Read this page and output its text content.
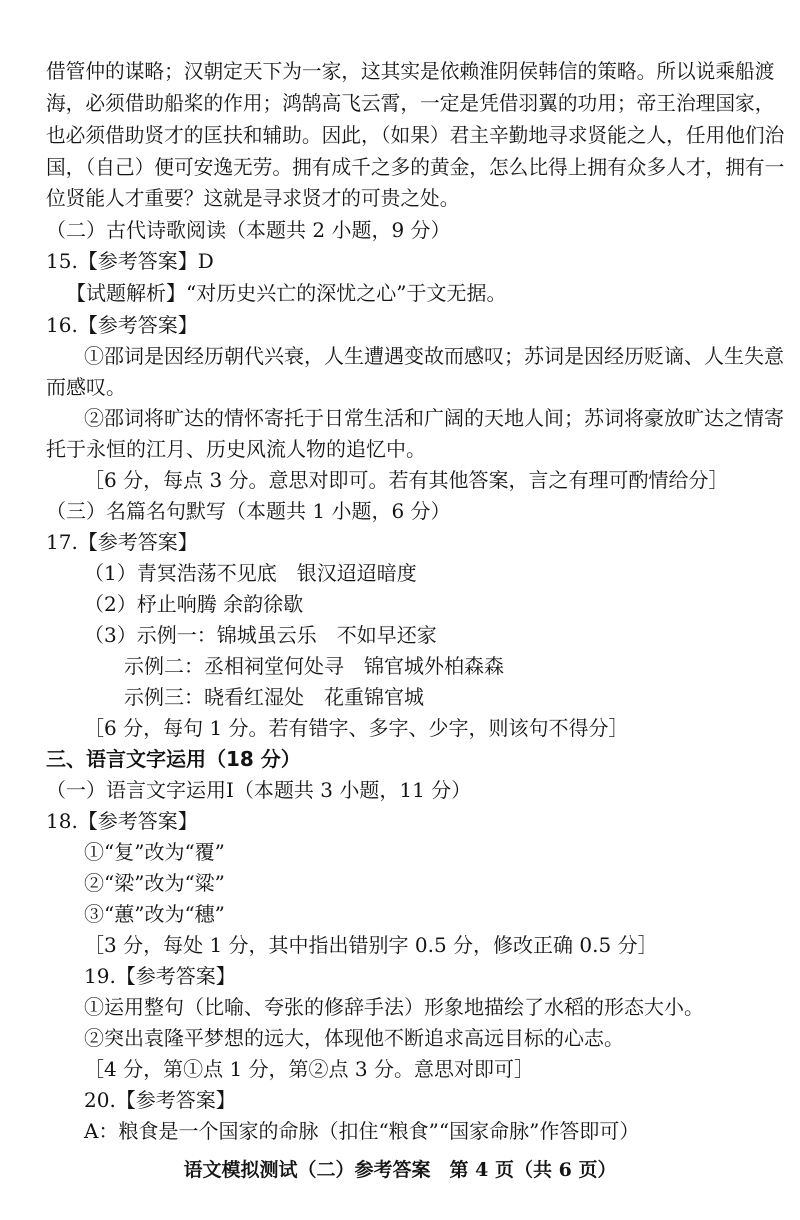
借管仲的谋略；汉朝定天下为一家，这其实是依赖淮阴侯韩信的策略。所以说乘船渡
海，必须借助船桨的作用；鸿鹄高飞云霄，一定是凭借羽翼的功用；帝王治理国家，
也必须借助贤才的匡扶和辅助。因此，（如果）君主辛勤地寻求贤能之人，任用他们治
国，（自己）便可安逸无劳。拥有成千之多的黄金，怎么比得上拥有众多人才，拥有一
位贤能人才重要？这就是寻求贤才的可贵之处。
（二）古代诗歌阅读（本题共 2 小题，9 分）
15.【参考答案】D
【试题解析】“对历史兴亡的深忧之心”于文无据。
16.【参考答案】
①邵词是因经历朝代兴衰，人生遭遇变故而感叹；苏词是因经历贬谪、人生失意
而感叹。
②邵词将旷达的情怀寄托于日常生活和广阔的天地人间；苏词将豪放旷达之情寄
托于永恒的江月、历史风流人物的追忆中。
［6 分，每点 3 分。意思对即可。若有其他答案，言之有理可酌情给分］
（三）名篇名句默写（本题共 1 小题，6 分）
17.【参考答案】
（1）青冥浩荡不见底　银汉迢迢暗度
（2）杼止响腾 余韵徐歇
（3）示例一：锦城虽云乐　不如早还家
示例二：丞相祠堂何处寻　锦官城外柏森森
示例三：晓看红湿处　花重锦官城
［6 分，每句 1 分。若有错字、多字、少字，则该句不得分］
三、语言文字运用（18 分）
（一）语言文字运用Ⅰ（本题共 3 小题，11 分）
18.【参考答案】
①“复”改为“覆”
②“梁”改为“粱”
③“蕙”改为“穗”
［3 分，每处 1 分，其中指出错别字 0.5 分，修改正确 0.5 分］
19.【参考答案】
①运用整句（比喻、夸张的修辞手法）形象地描绘了水稻的形态大小。
②突出袁隆平梦想的远大，体现他不断追求高远目标的心志。
［4 分，第①点 1 分，第②点 3 分。意思对即可］
20.【参考答案】
A：粮食是一个国家的命脉（扣住“粮食”“国家命脉”作答即可）
语文模拟测试（二）参考答案　第 4 页（共 6 页）
